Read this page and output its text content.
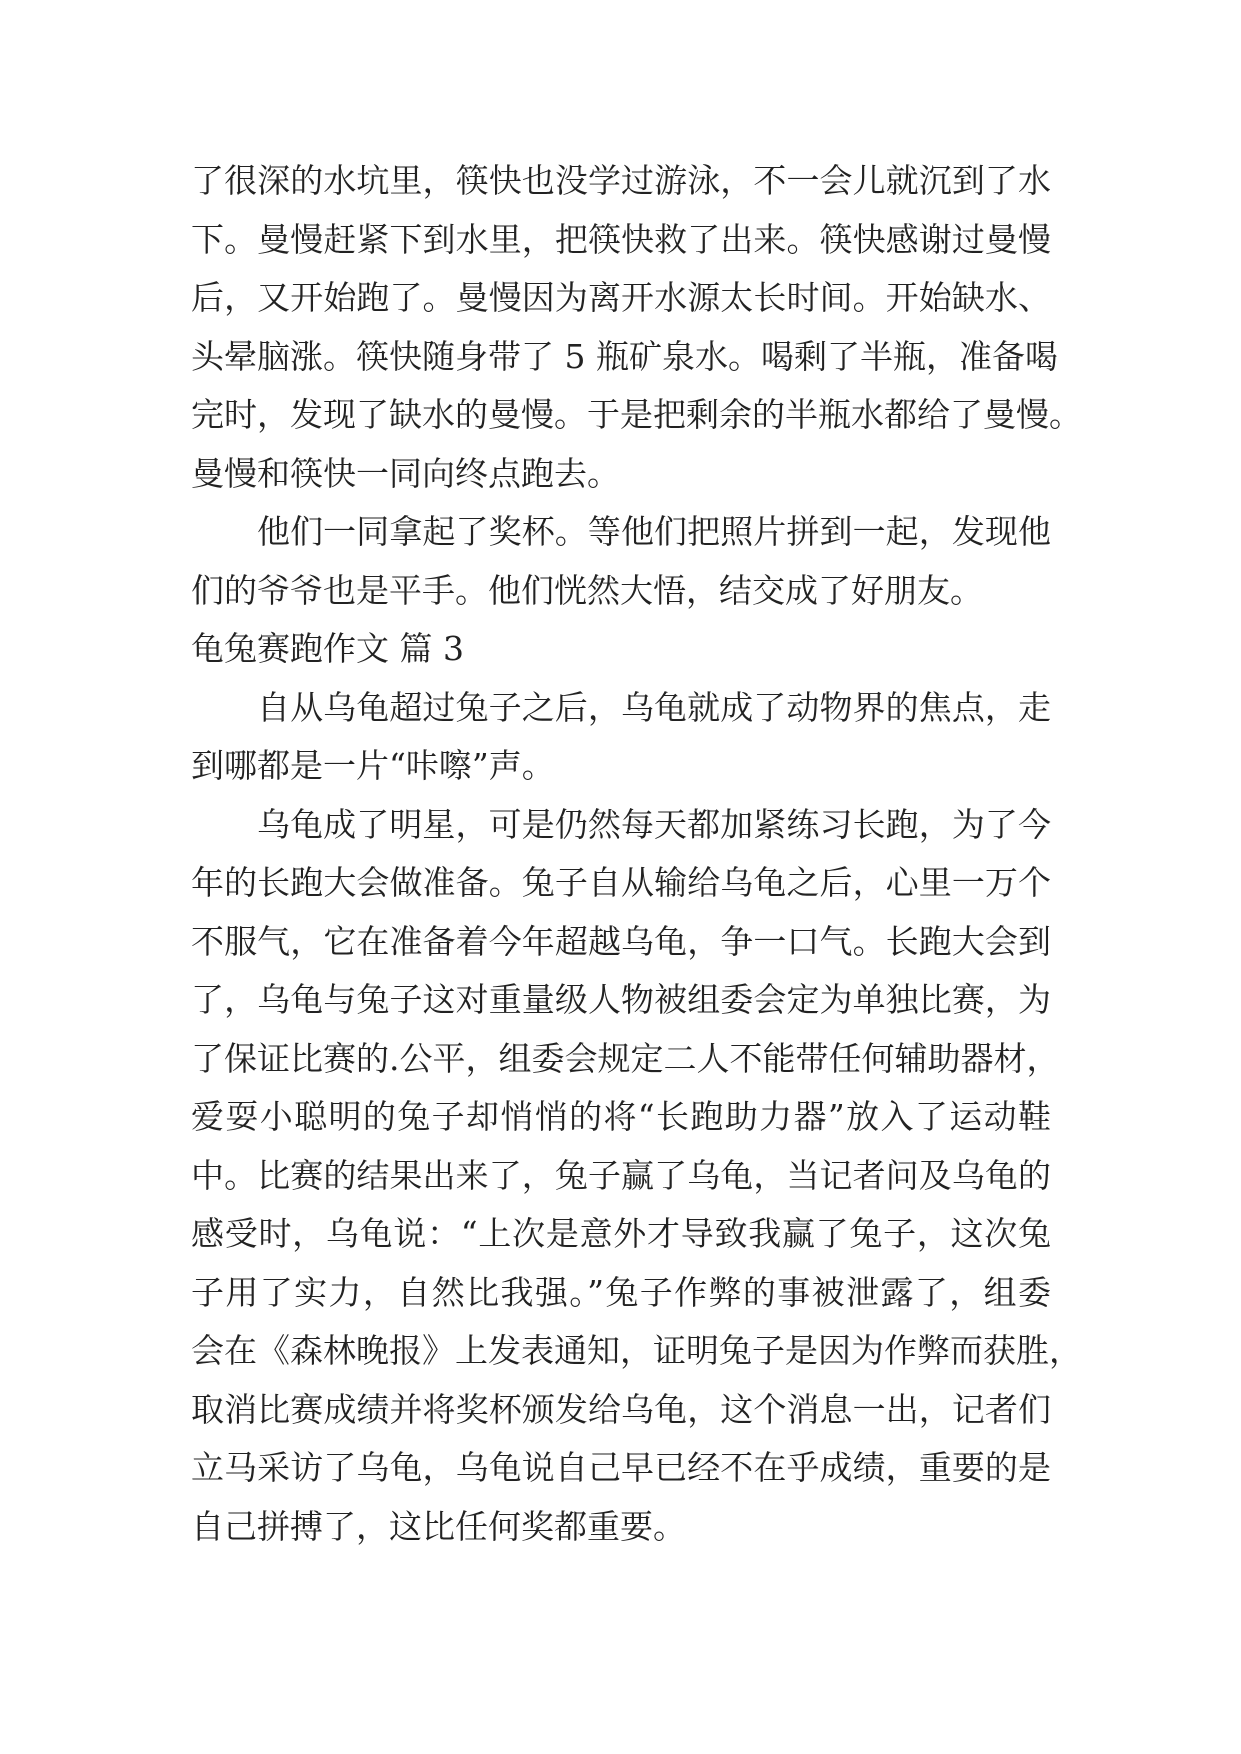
了很深的水坑里，筷快也没学过游泳，不一会儿就沉到了水
下。曼慢赶紧下到水里，把筷快救了出来。筷快感谢过曼慢
后，又开始跑了。曼慢因为离开水源太长时间。开始缺水、
头晕脑涨。筷快随身带了 5 瓶矿泉水。喝剩了半瓶，准备喝
完时，发现了缺水的曼慢。于是把剩余的半瓶水都给了曼慢。
曼慢和筷快一同向终点跑去。
他们一同拿起了奖杯。等他们把照片拼到一起，发现他
们的爷爷也是平手。他们恍然大悟，结交成了好朋友。
龟兔赛跑作文 篇 3
自从乌龟超过兔子之后，乌龟就成了动物界的焦点，走
到哪都是一片“咔嚓”声。
乌龟成了明星，可是仍然每天都加紧练习长跑，为了今
年的长跑大会做准备。兔子自从输给乌龟之后，心里一万个
不服气，它在准备着今年超越乌龟，争一口气。长跑大会到
了，乌龟与兔子这对重量级人物被组委会定为单独比赛，为
了保证比赛的.公平，组委会规定二人不能带任何辅助器材，
爱耍小聪明的兔子却悄悄的将“长跑助力器”放入了运动鞋
中。比赛的结果出来了，兔子赢了乌龟，当记者问及乌龟的
感受时，乌龟说：“上次是意外才导致我赢了兔子，这次兔
子用了实力，自然比我强。”兔子作弊的事被泄露了，组委
会在《森林晚报》上发表通知，证明兔子是因为作弊而获胜，
取消比赛成绩并将奖杯颁发给乌龟，这个消息一出，记者们
立马采访了乌龟，乌龟说自己早已经不在乎成绩，重要的是
自己拼搏了，这比任何奖都重要。
